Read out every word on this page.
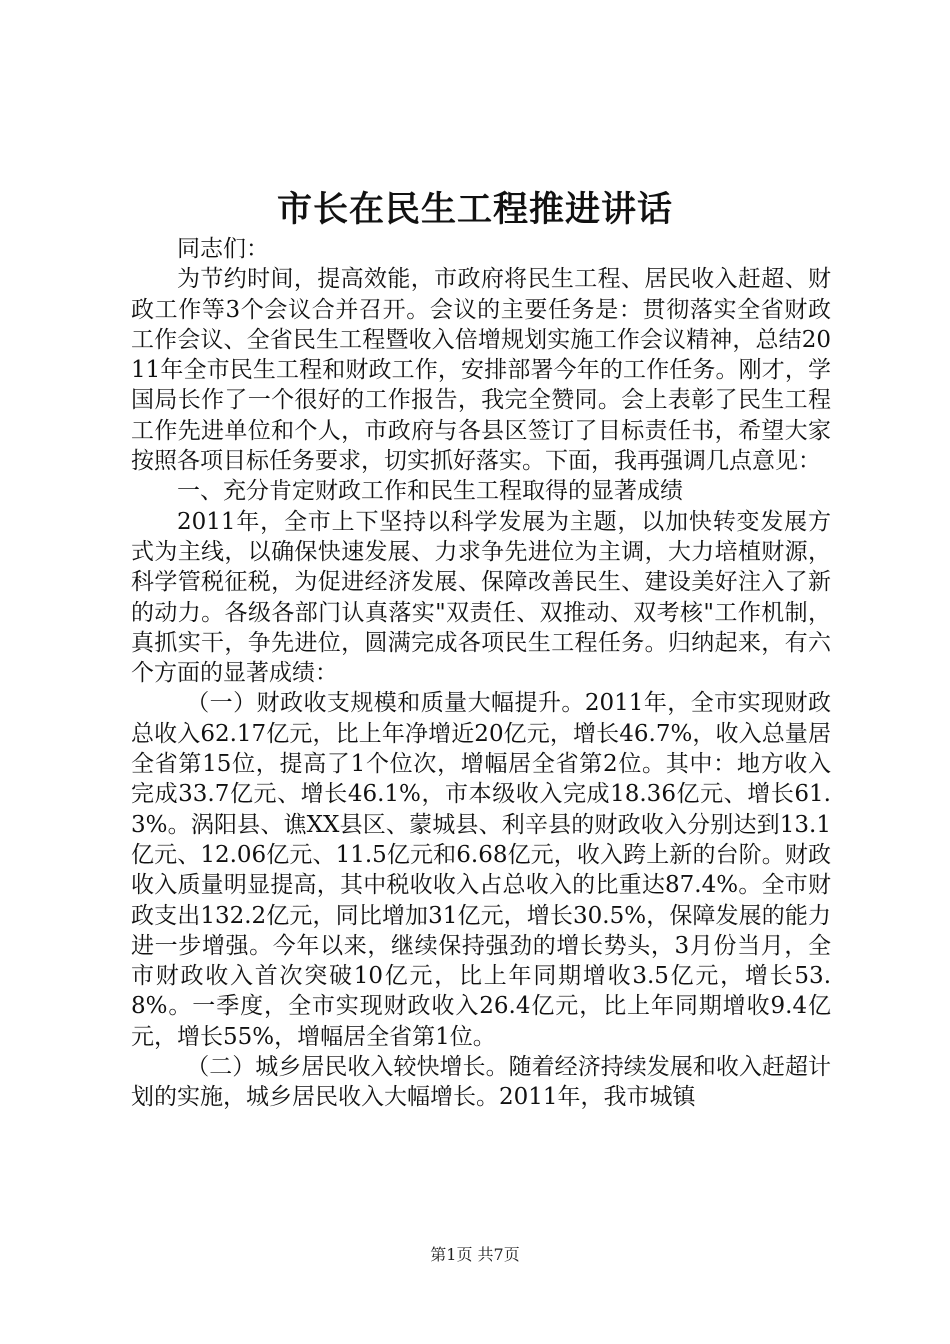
市长在民生工程推进讲话

同志们：

为节约时间，提高效能，市政府将民生工程、居民收入赶超、财政工作等3个会议合并召开。会议的主要任务是：贯彻落实全省财政工作会议、全省民生工程暨收入倍增规划实施工作会议精神，总结2011年全市民生工程和财政工作，安排部署今年的工作任务。刚才，学国局长作了一个很好的工作报告，我完全赞同。会上表彰了民生工程工作先进单位和个人，市政府与各县区签订了目标责任书，希望大家按照各项目标任务要求，切实抓好落实。下面，我再强调几点意见：

一、充分肯定财政工作和民生工程取得的显著成绩

2011年，全市上下坚持以科学发展为主题，以加快转变发展方式为主线，以确保快速发展、力求争先进位为主调，大力培植财源，科学管税征税，为促进经济发展、保障改善民生、建设美好注入了新的动力。各级各部门认真落实"双责任、双推动、双考核"工作机制，真抓实干，争先进位，圆满完成各项民生工程任务。归纳起来，有六个方面的显著成绩：

（一）财政收支规模和质量大幅提升。2011年，全市实现财政总收入62.17亿元，比上年净增近20亿元，增长46.7%，收入总量居全省第15位，提高了1个位次，增幅居全省第2位。其中：地方收入完成33.7亿元、增长46.1%，市本级收入完成18.36亿元、增长61.3%。涡阳县、谯XX县区、蒙城县、利辛县的财政收入分别达到13.1亿元、12.06亿元、11.5亿元和6.68亿元，收入跨上新的台阶。财政收入质量明显提高，其中税收收入占总收入的比重达87.4%。全市财政支出132.2亿元，同比增加31亿元，增长30.5%，保障发展的能力进一步增强。今年以来，继续保持强劲的增长势头，3月份当月，全市财政收入首次突破10亿元，比上年同期增收3.5亿元，增长53.8%。一季度，全市实现财政收入26.4亿元，比上年同期增收9.4亿元，增长55%，增幅居全省第1位。

（二）城乡居民收入较快增长。随着经济持续发展和收入赶超计划的实施，城乡居民收入大幅增长。2011年，我市城镇

第1页 共7页
